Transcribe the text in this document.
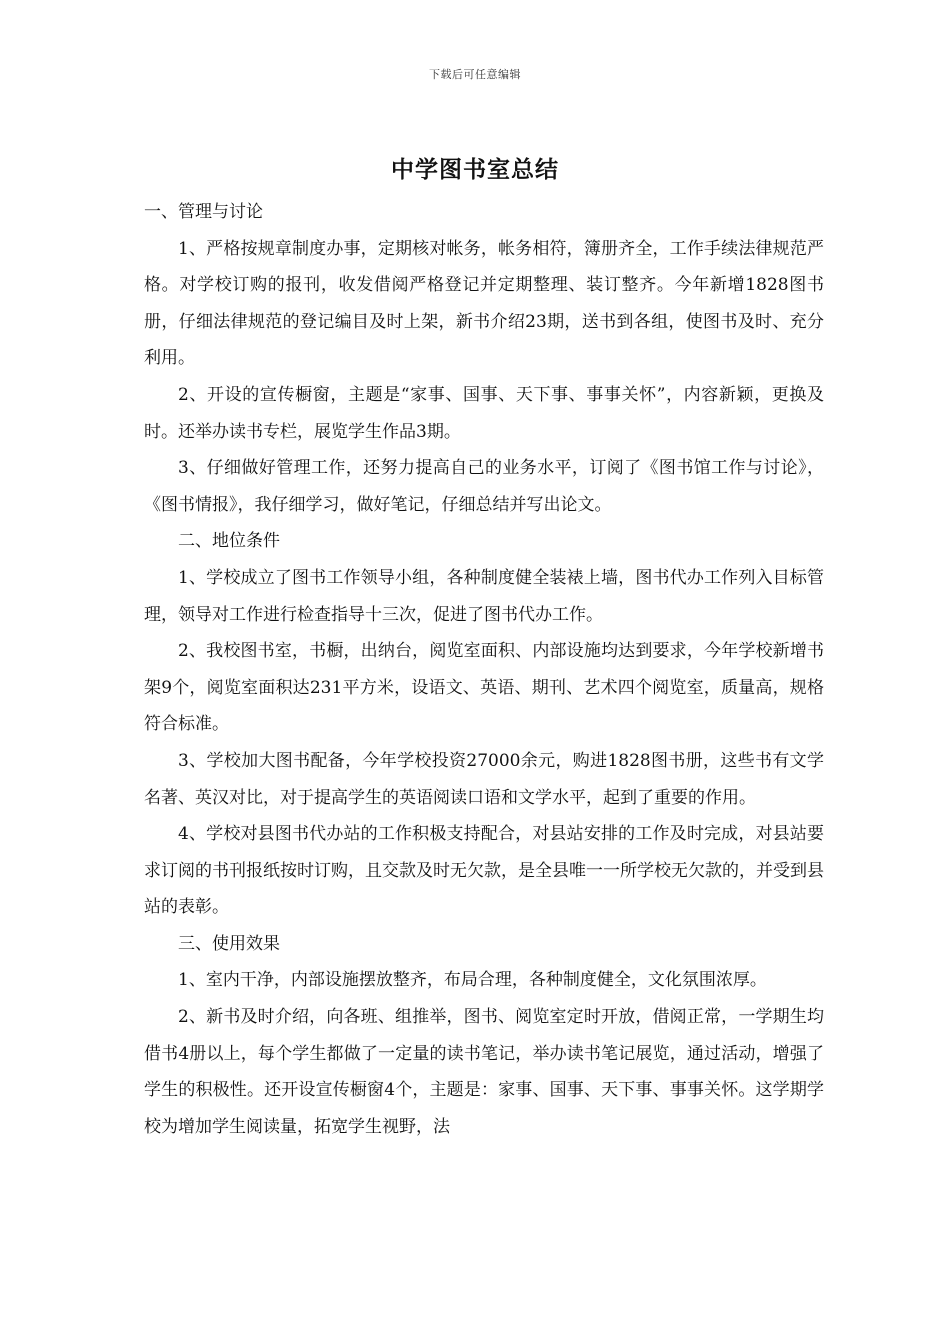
下载后可任意编辑
中学图书室总结

一、管理与讨论

1、严格按规章制度办事，定期核对帐务，帐务相符，簿册齐全，工作手续法律规范严格。对学校订购的报刊，收发借阅严格登记并定期整理、装订整齐。今年新增1828图书册，仔细法律规范的登记编目及时上架，新书介绍23期，送书到各组，使图书及时、充分利用。

2、开设的宣传橱窗，主题是“家事、国事、天下事、事事关怀”，内容新颖，更换及时。还举办读书专栏，展览学生作品3期。

3、仔细做好管理工作，还努力提高自己的业务水平，订阅了《图书馆工作与讨论》，《图书情报》，我仔细学习，做好笔记，仔细总结并写出论文。

二、地位条件

1、学校成立了图书工作领导小组，各种制度健全装裱上墙，图书代办工作列入目标管理，领导对工作进行检查指导十三次，促进了图书代办工作。

2、我校图书室，书橱，出纳台，阅览室面积、内部设施均达到要求，今年学校新增书架9个，阅览室面积达231平方米，设语文、英语、期刊、艺术四个阅览室，质量高，规格符合标准。

3、学校加大图书配备，今年学校投资27000余元，购进1828图书册，这些书有文学名著、英汉对比，对于提高学生的英语阅读口语和文学水平，起到了重要的作用。

4、学校对县图书代办站的工作积极支持配合，对县站安排的工作及时完成，对县站要求订阅的书刊报纸按时订购，且交款及时无欠款，是全县唯一一所学校无欠款的，并受到县站的表彰。

三、使用效果

1、室内干净，内部设施摆放整齐，布局合理，各种制度健全，文化氛围浓厚。

2、新书及时介绍，向各班、组推举，图书、阅览室定时开放，借阅正常，一学期生均借书4册以上，每个学生都做了一定量的读书笔记，举办读书笔记展览，通过活动，增强了学生的积极性。还开设宣传橱窗4个，主题是：家事、国事、天下事、事事关怀。这学期学校为增加学生阅读量，拓宽学生视野，法
